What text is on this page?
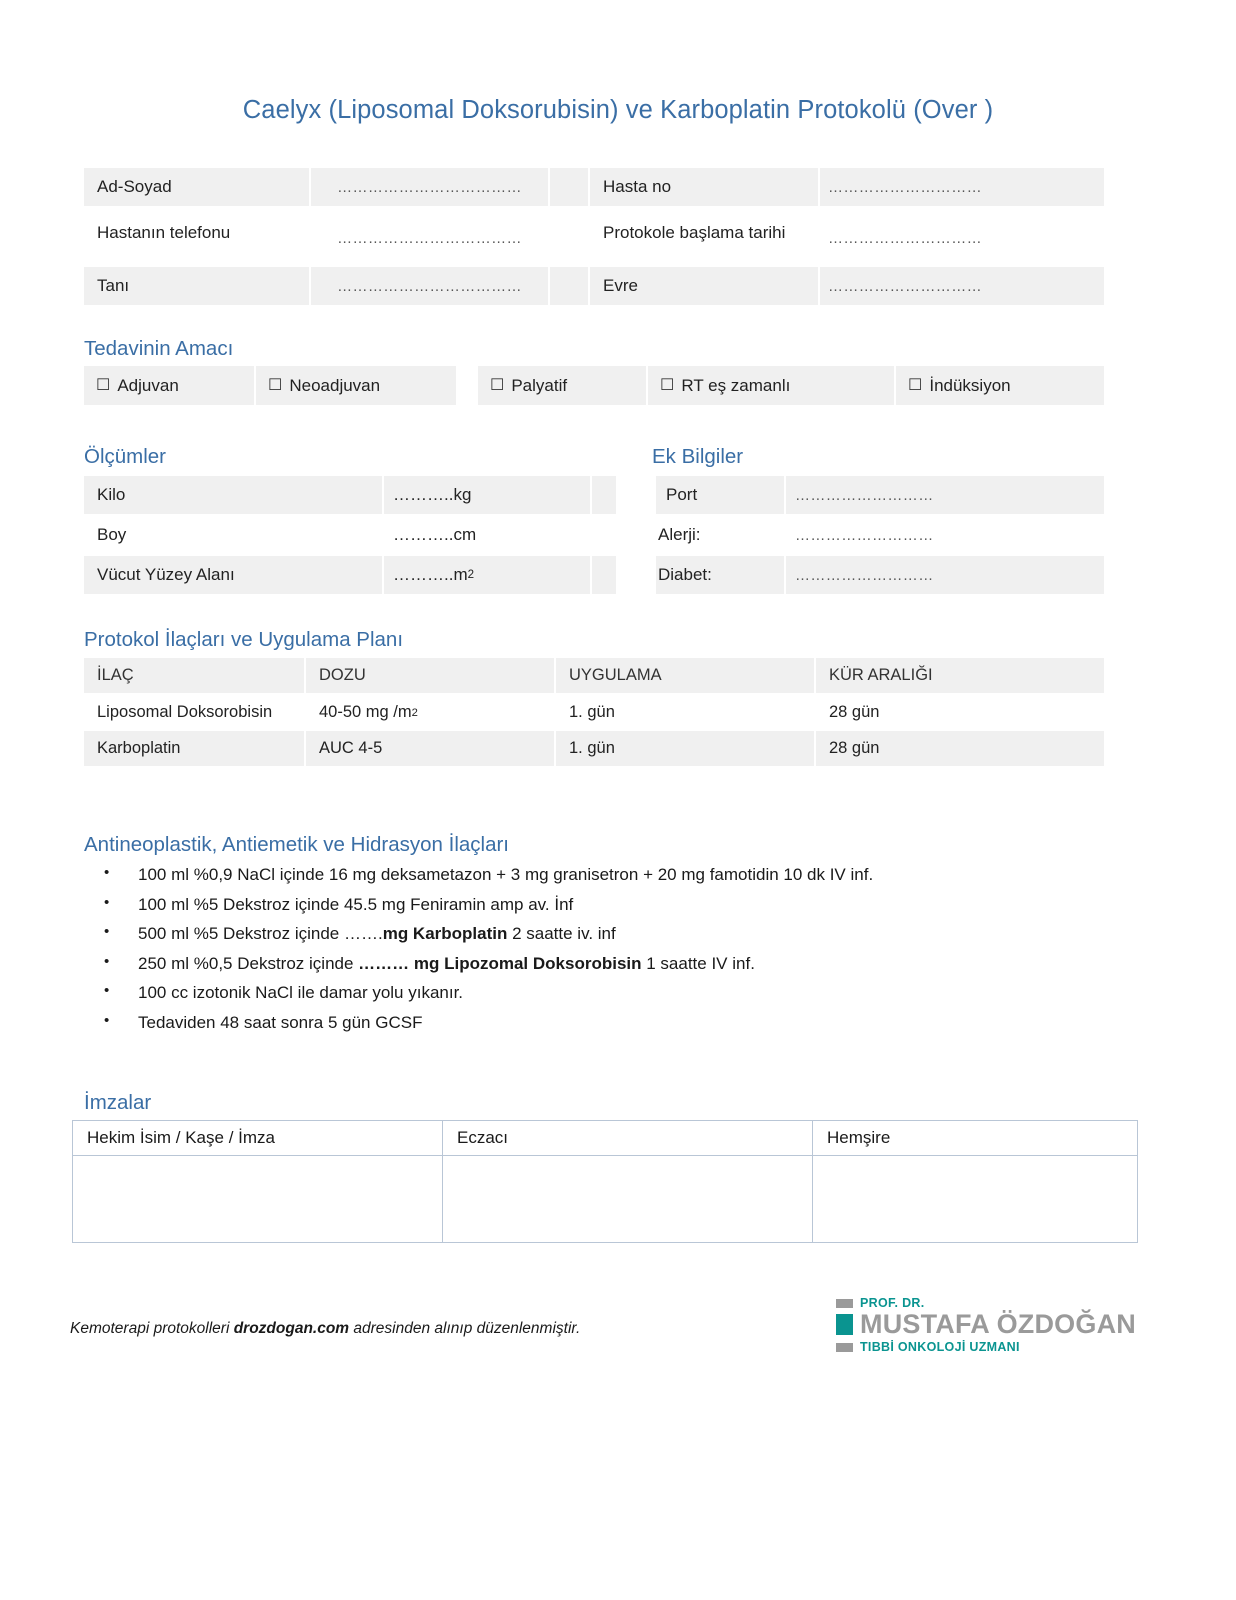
Caelyx (Liposomal Doksorubisin) ve Karboplatin Protokolü (Over )
Ad-Soyad	………………………………	Hasta no	…………………………
Hastanın telefonu	………………………………	Protokole başlama tarihi	…………………………
Tanı	………………………………	Evre	…………………………
Tedavinin Amacı
☐ Adjuvan	☐ Neoadjuvan	☐ Palyatif	☐ RT eş zamanlı	☐ İndüksiyon
Ölçümler	Ek Bilgiler
Kilo	………..kg
Boy	………..cm
Vücut Yüzey Alanı	………..m 2
Port	………………………
Alerji:	………………………
Diabet:	………………………
Protokol İlaçları ve Uygulama Planı
İLAÇ	DOZU	UYGULAMA	KÜR ARALIĞI
Liposomal Doksorobisin	40-50 mg /m 2	1. gün	28 gün
Karboplatin	AUC 4-5	1. gün	28 gün
Antineoplastik, Antiemetik ve Hidrasyon İlaçları
•	100 ml %0,9 NaCl içinde 16 mg deksametazon + 3 mg granisetron + 20 mg famotidin 10 dk IV inf.
•	100 ml %5 Dekstroz içinde 45.5 mg Feniramin amp av. İnf
•	500 ml %5 Dekstroz içinde …….mg Karboplatin 2 saatte iv. inf
•	250 ml %0,5 Dekstroz içinde ……… mg Lipozomal Doksorobisin 1 saatte IV inf.
•	100 cc izotonik NaCl ile damar yolu yıkanır.
•	Tedaviden 48 saat sonra 5 gün GCSF
İmzalar
Hekim İsim / Kaşe / İmza	Eczacı	Hemşire

Kemoterapi protokolleri drozdogan.com adresinden alınıp düzenlenmiştir.
PROF. DR.
MUSTAFA ÖZDOĞAN
TIBBİ ONKOLOJİ UZMANI
